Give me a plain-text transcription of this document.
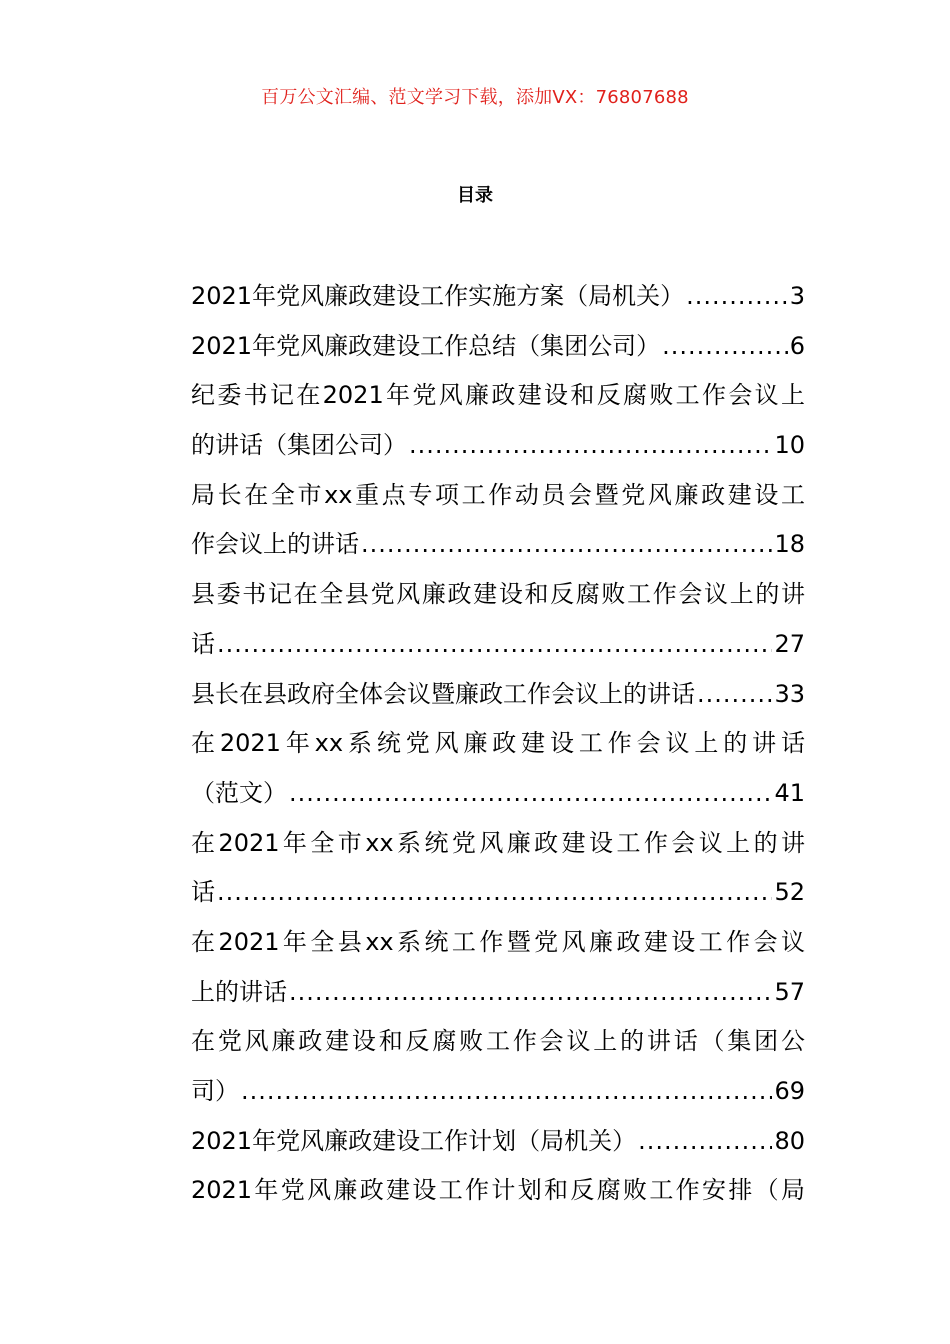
百万公文汇编、范文学习下载，添加VX：76807688
目录
2021年党风廉政建设工作实施方案（局机关） .....	3
2021年党风廉政建设工作总结（集团公司） .....	6
纪委书记在2021年党风廉政建设和反腐败工作会议上
的讲话（集团公司） .....	10
局长在全市xx重点专项工作动员会暨党风廉政建设工
作会议上的讲话 .....	18
县委书记在全县党风廉政建设和反腐败工作会议上的讲
话 .....	27
县长在县政府全体会议暨廉政工作会议上的讲话 .....	33
在2021年xx系统党风廉政建设工作会议上的讲话
（范文） .....	41
在2021年全市xx系统党风廉政建设工作会议上的讲
话 .....	52
在2021年全县xx系统工作暨党风廉政建设工作会议
上的讲话 .....	57
在党风廉政建设和反腐败工作会议上的讲话（集团公
司） .....	69
2021年党风廉政建设工作计划（局机关） .....	80
2021年党风廉政建设工作计划和反腐败工作安排（局
